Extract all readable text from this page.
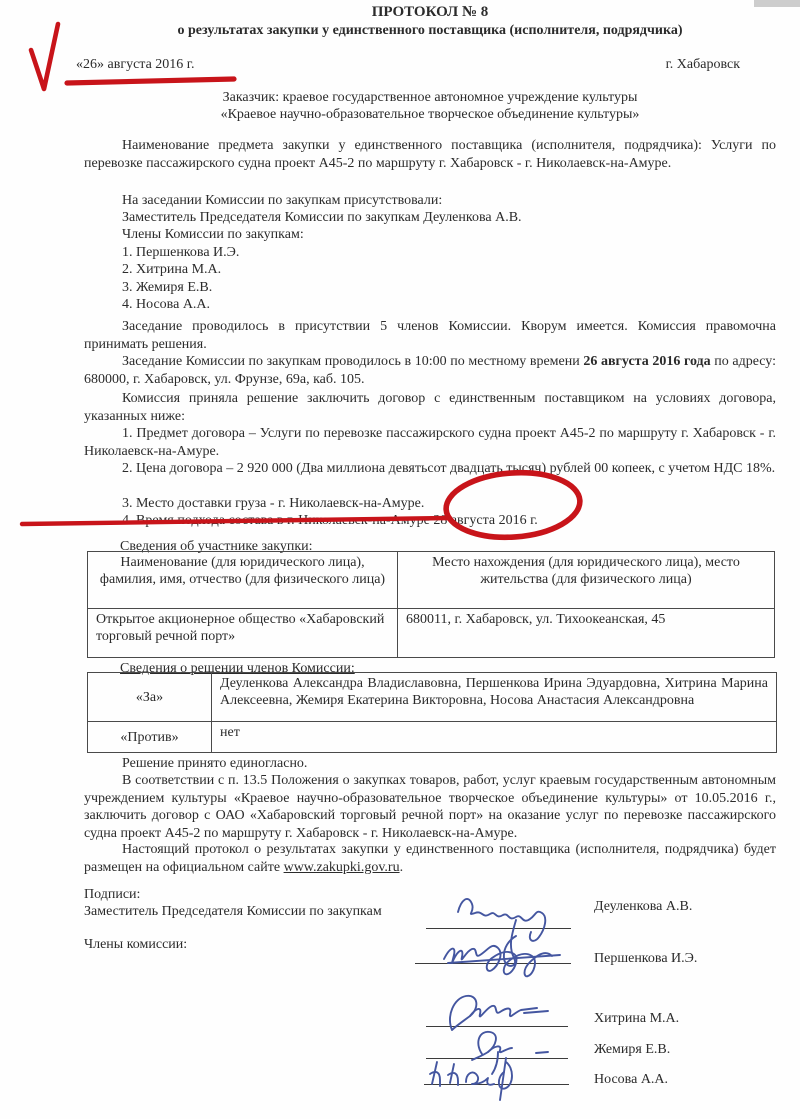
ПРОТОКОЛ № 8
о результатах закупки у единственного поставщика (исполнителя, подрядчика)
«26» августа 2016 г.	г. Хабаровск
Заказчик: краевое государственное автономное учреждение культуры
«Краевое научно-образовательное творческое объединение культуры»
Наименование предмета закупки у единственного поставщика (исполнителя, подрядчика): Услуги по перевозке пассажирского судна проект А45-2 по маршруту г. Хабаровск - г. Николаевск-на-Амуре.
На заседании Комиссии по закупкам присутствовали:
Заместитель Председателя Комиссии по закупкам Деуленкова А.В.
Члены Комиссии по закупкам:
1. Першенкова И.Э.
2. Хитрина М.А.
3. Жемиря Е.В.
4. Носова А.А.
Заседание проводилось в присутствии 5 членов Комиссии. Кворум имеется. Комиссия правомочна принимать решения.
Заседание Комиссии по закупкам проводилось в 10:00 по местному времени 26 августа 2016 года по адресу: 680000, г. Хабаровск, ул. Фрунзе, 69а, каб. 105.
Комиссия приняла решение заключить договор с единственным поставщиком на условиях договора, указанных ниже:
1. Предмет договора – Услуги по перевозке пассажирского судна проект А45-2 по маршруту г. Хабаровск - г. Николаевск-на-Амуре.
2. Цена договора – 2 920 000 (Два миллиона девятьсот двадцать тысяч) рублей 00 копеек, с учетом НДС 18%.
3. Место доставки груза - г. Николаевск-на-Амуре.
4. Время подхода состава в г. Николаевск-на-Амуре 28 августа 2016 г.
Сведения об участнике закупки:
Наименование (для юридического лица), фамилия, имя, отчество (для физического лица)	Место нахождения (для юридического лица), место жительства (для физического лица)
Открытое акционерное общество «Хабаровский торговый речной порт»	680011, г. Хабаровск, ул. Тихоокеанская, 45
Сведения о решении членов Комиссии:
«За»	Деуленкова Александра Владиславовна, Першенкова Ирина Эдуардовна, Хитрина Марина Алексеевна, Жемиря Екатерина Викторовна, Носова Анастасия Александровна
«Против»	нет
Решение принято единогласно.
В соответствии с п. 13.5 Положения о закупках товаров, работ, услуг краевым государственным автономным учреждением культуры «Краевое научно-образовательное творческое объединение культуры» от 10.05.2016 г., заключить договор с ОАО «Хабаровский торговый речной порт» на оказание услуг по перевозке пассажирского судна проект А45-2 по маршруту г. Хабаровск - г. Николаевск-на-Амуре.
Настоящий протокол о результатах закупки у единственного поставщика (исполнителя, подрядчика) будет размещен на официальном сайте www.zakupki.gov.ru.
Подписи:
Заместитель Председателя Комиссии по закупкам
Члены комиссии:
Деуленкова А.В.
Першенкова И.Э.
Хитрина М.А.
Жемиря Е.В.
Носова А.А.
